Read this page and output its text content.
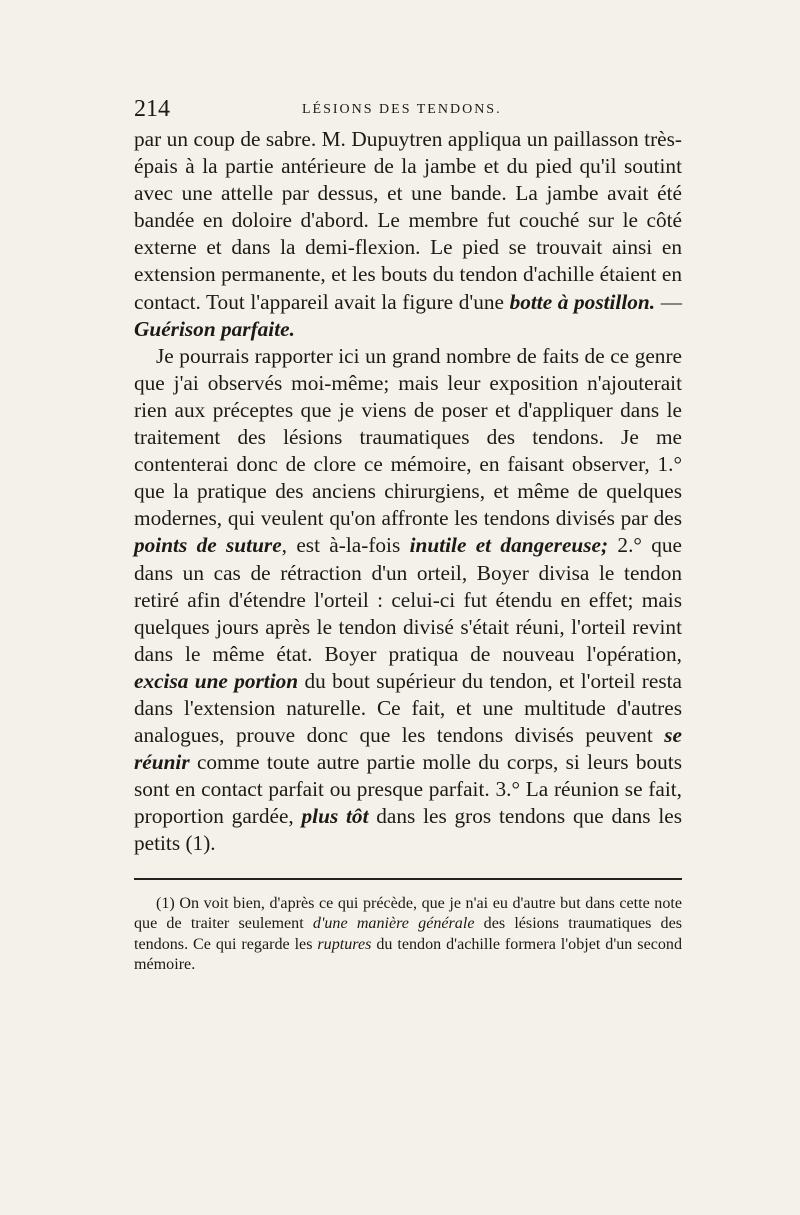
214	LÉSIONS DES TENDONS.

par un coup de sabre. M. Dupuytren appliqua un paillasson très-épais à la partie antérieure de la jambe et du pied qu'il soutint avec une attelle par dessus, et une bande. La jambe avait été bandée en doloire d'abord. Le membre fut couché sur le côté externe et dans la demi-flexion. Le pied se trouvait ainsi en extension permanente, et les bouts du tendon d'achille étaient en contact. Tout l'appareil avait la figure d'une botte à postillon. — Guérison parfaite.

Je pourrais rapporter ici un grand nombre de faits de ce genre que j'ai observés moi-même; mais leur exposition n'ajouterait rien aux préceptes que je viens de poser et d'appliquer dans le traitement des lésions traumatiques des tendons. Je me contenterai donc de clore ce mémoire, en faisant observer, 1.° que la pratique des anciens chirurgiens, et même de quelques modernes, qui veulent qu'on affronte les tendons divisés par des points de suture, est à-la-fois inutile et dangereuse; 2.° que dans un cas de rétraction d'un orteil, Boyer divisa le tendon retiré afin d'étendre l'orteil : celui-ci fut étendu en effet; mais quelques jours après le tendon divisé s'était réuni, l'orteil revint dans le même état. Boyer pratiqua de nouveau l'opération, excisa une portion du bout supérieur du tendon, et l'orteil resta dans l'extension naturelle. Ce fait, et une multitude d'autres analogues, prouve donc que les tendons divisés peuvent se réunir comme toute autre partie molle du corps, si leurs bouts sont en contact parfait ou presque parfait. 3.° La réunion se fait, proportion gardée, plus tôt dans les gros tendons que dans les petits (1).

(1) On voit bien, d'après ce qui précède, que je n'ai eu d'autre but dans cette note que de traiter seulement d'une manière générale des lésions traumatiques des tendons. Ce qui regarde les ruptures du tendon d'achille formera l'objet d'un second mémoire.
